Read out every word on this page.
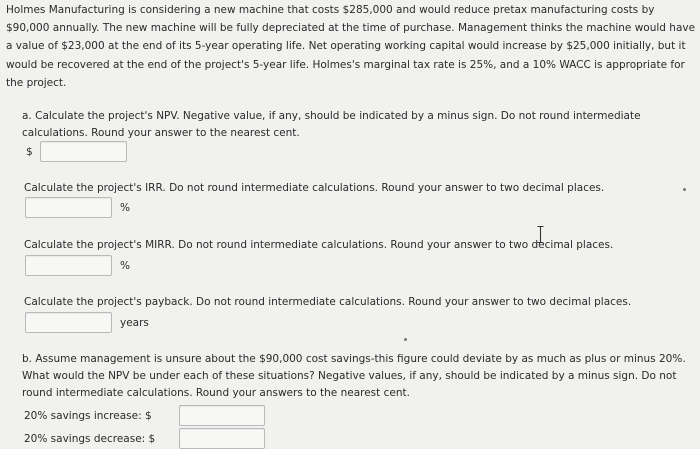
Holmes Manufacturing is considering a new machine that costs $285,000 and would reduce pretax manufacturing costs by $90,000 annually. The new machine will be fully depreciated at the time of purchase. Management thinks the machine would have a value of $23,000 at the end of its 5-year operating life. Net operating working capital would increase by $25,000 initially, but it would be recovered at the end of the project's 5-year life. Holmes's marginal tax rate is 25%, and a 10% WACC is appropriate for the project.

a. Calculate the project's NPV. Negative value, if any, should be indicated by a minus sign. Do not round intermediate calculations. Round your answer to the nearest cent.

$

Calculate the project's IRR. Do not round intermediate calculations. Round your answer to two decimal places.

%

Calculate the project's MIRR. Do not round intermediate calculations. Round your answer to two decimal places.

%

Calculate the project's payback. Do not round intermediate calculations. Round your answer to two decimal places.

years

b. Assume management is unsure about the $90,000 cost savings-this figure could deviate by as much as plus or minus 20%. What would the NPV be under each of these situations? Negative values, if any, should be indicated by a minus sign. Do not round intermediate calculations. Round your answers to the nearest cent.

20% savings increase: $
20% savings decrease: $
